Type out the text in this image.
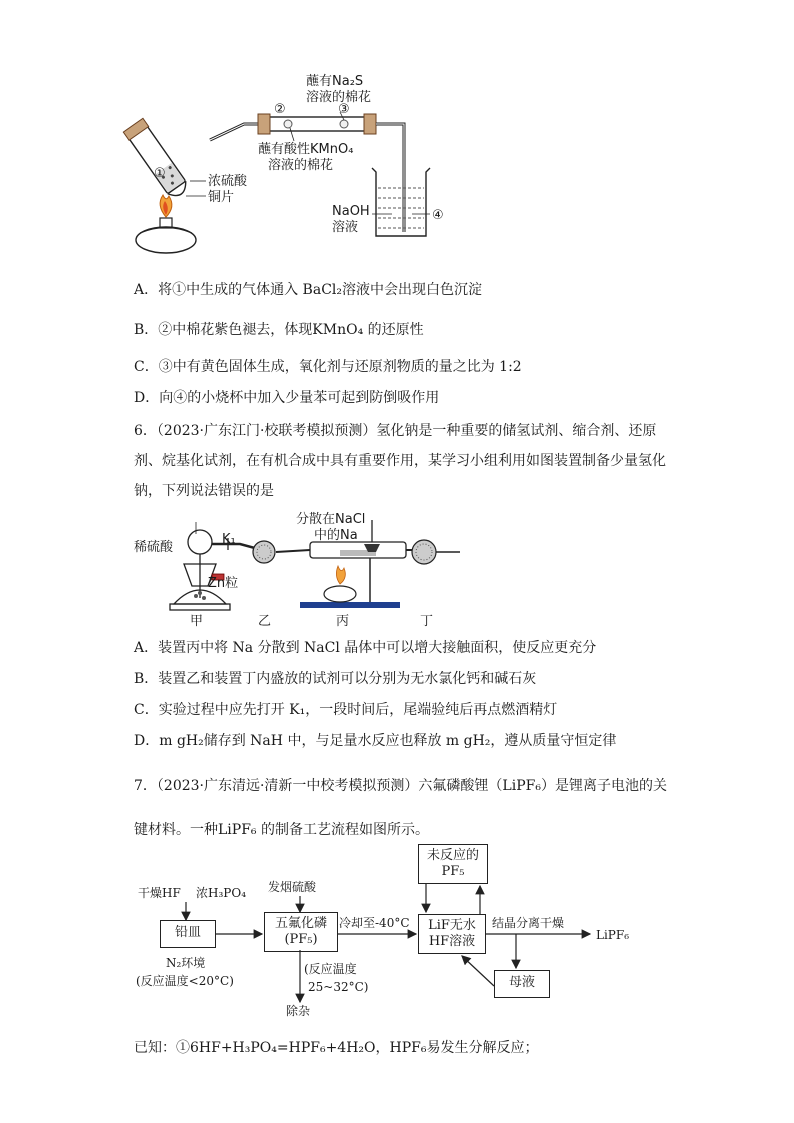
蘸有Na₂S
溶液的棉花
③
②
蘸有酸性KMnO₄
溶液的棉花
①
浓硫酸
铜片
NaOH
溶液
④
A．将①中生成的气体通入 BaCl₂溶液中会出现白色沉淀
B．②中棉花紫色褪去，体现KMnO₄ 的还原性
C．③中有黄色固体生成，氧化剂与还原剂物质的量之比为 1:2
D．向④的小烧杯中加入少量苯可起到防倒吸作用
6．（2023·广东江门·校联考模拟预测）氢化钠是一种重要的储氢试剂、缩合剂、还原剂、烷基化试剂，在有机合成中具有重要作用，某学习小组利用如图装置制备少量氢化钠，下列说法错误的是
稀硫酸
K₁
分散在NaCl
中的Na
Zn粒
甲	乙	丙	丁
A．装置丙中将 Na 分散到 NaCl 晶体中可以增大接触面积，使反应更充分
B．装置乙和装置丁内盛放的试剂可以分别为无水氯化钙和碱石灰
C．实验过程中应先打开 K₁，一段时间后，尾端验纯后再点燃酒精灯
D．m gH₂储存到 NaH 中，与足量水反应也释放 m gH₂，遵从质量守恒定律
7．（2023·广东清远·清新一中校考模拟预测）六氟磷酸锂（LiPF₆）是锂离子电池的关键材料。一种LiPF₆ 的制备工艺流程如图所示。
干燥HF 浓H₃PO₄
铅皿
N₂环境
(反应温度<20°C)
发烟硫酸
五氟化磷
(PF₅)
冷却至-40°C
(反应温度
25~32°C)
除杂
未反应的
PF₅
LiF无水
HF溶液
结晶分离干燥
LiPF₆
母液
已知：①6HF+H₃PO₄=HPF₆+4H₂O，HPF₆易发生分解反应；
